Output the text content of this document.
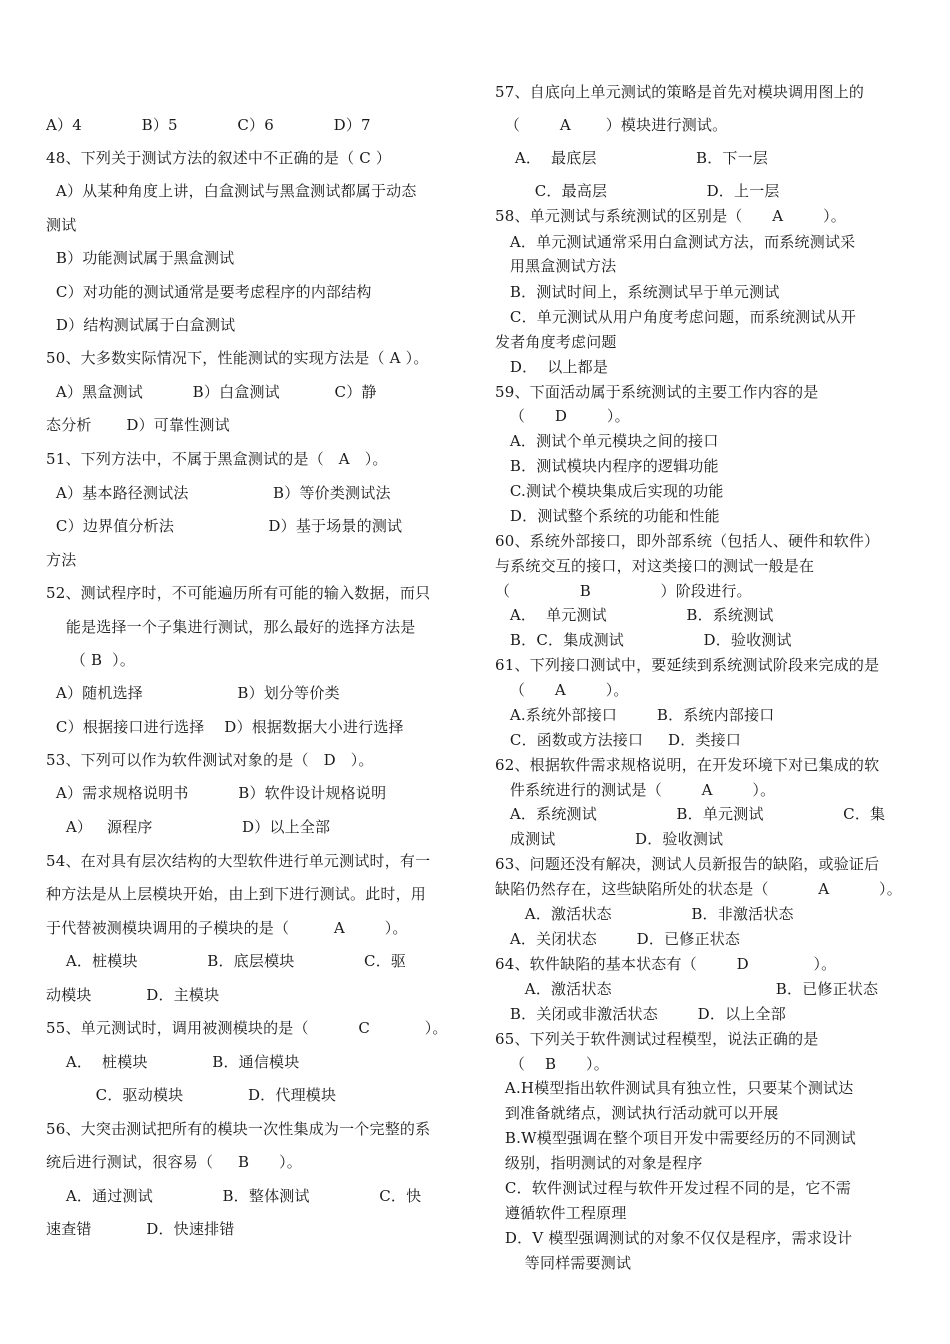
A）4            B）5            C）6            D）7
48、下列关于测试方法的叙述中不正确的是（ C ）
A）从某种角度上讲，白盒测试与黑盒测试都属于动态
测试
B）功能测试属于黑盒测试
C）对功能的测试通常是要考虑程序的内部结构
D）结构测试属于白盒测试
50、大多数实际情况下，性能测试的实现方法是（ A ）。
A）黑盒测试          B）白盒测试           C）静
态分析       D）可靠性测试
51、下列方法中，不属于黑盒测试的是（   A   ）。
A）基本路径测试法                 B）等价类测试法
C）边界值分析法                   D）基于场景的测试
方法
52、测试程序时，不可能遍历所有可能的输入数据，而只
能是选择一个子集进行测试，那么最好的选择方法是
（ B  ）。
A）随机选择                   B）划分等价类
C）根据接口进行选择    D）根据数据大小进行选择
53、下列可以作为软件测试对象的是（   D   ）。
A）需求规格说明书          B）软件设计规格说明
A）   源程序                  D）以上全部
54、在对具有层次结构的大型软件进行单元测试时，有一
种方法是从上层模块开始，由上到下进行测试。此时，用
于代替被测模块调用的子模块的是（         A        ）。
A．桩模块              B．底层模块              C．驱
动模块           D．主模块
55、单元测试时，调用被测模块的是（          C           ）。
A．  桩模块             B．通信模块
C．驱动模块             D．代理模块
56、大突击测试把所有的模块一次性集成为一个完整的系
统后进行测试，很容易（     B      ）。
A．通过测试              B．整体测试              C．快
速查错           D．快速排错
57、自底向上单元测试的策略是首先对模块调用图上的
（        A       ）模块进行测试。
A．  最底层                    B．下一层
C．最高层                    D．上一层
58、单元测试与系统测试的区别是（      A        ）。
A．单元测试通常采用白盒测试方法，而系统测试采
用黑盒测试方法
B．测试时间上，系统测试早于单元测试
C．单元测试从用户角度考虑问题，而系统测试从开
发者角度考虑问题
D．  以上都是
59、下面活动属于系统测试的主要工作内容的是
（      D        ）。
A．测试个单元模块之间的接口
B．测试模块内程序的逻辑功能
C.测试个模块集成后实现的功能
D．测试整个系统的功能和性能
60、系统外部接口，即外部系统（包括人、硬件和软件）
与系统交互的接口，对这类接口的测试一般是在
（              B              ）阶段进行。
A．  单元测试                B．系统测试
B．C．集成测试                D．验收测试
61、下列接口测试中，要延续到系统测试阶段来完成的是
（      A        ）。
A.系统外部接口        B．系统内部接口
C．函数或方法接口     D．类接口
62、根据软件需求规格说明，在开发环境下对已集成的软
件系统进行的测试是（        A        ）。
A．系统测试                B．单元测试                C．集
成测试                D．验收测试
63、问题还没有解决，测试人员新报告的缺陷，或验证后
缺陷仍然存在，这些缺陷所处的状态是（          A          ）。
A．激活状态                B．非激活状态
A．关闭状态        D．已修正状态
64、软件缺陷的基本状态有（        D             ）。
A．激活状态                                 B．已修正状态
B．关闭或非激活状态        D．以上全部
65、下列关于软件测试过程模型，说法正确的是
（    B      ）。
A.H模型指出软件测试具有独立性，只要某个测试达
到准备就绪点，测试执行活动就可以开展
B.W模型强调在整个项目开发中需要经历的不同测试
级别，指明测试的对象是程序
C．软件测试过程与软件开发过程不同的是，它不需
遵循软件工程原理
D．V 模型强调测试的对象不仅仅是程序，需求设计
等同样需要测试
